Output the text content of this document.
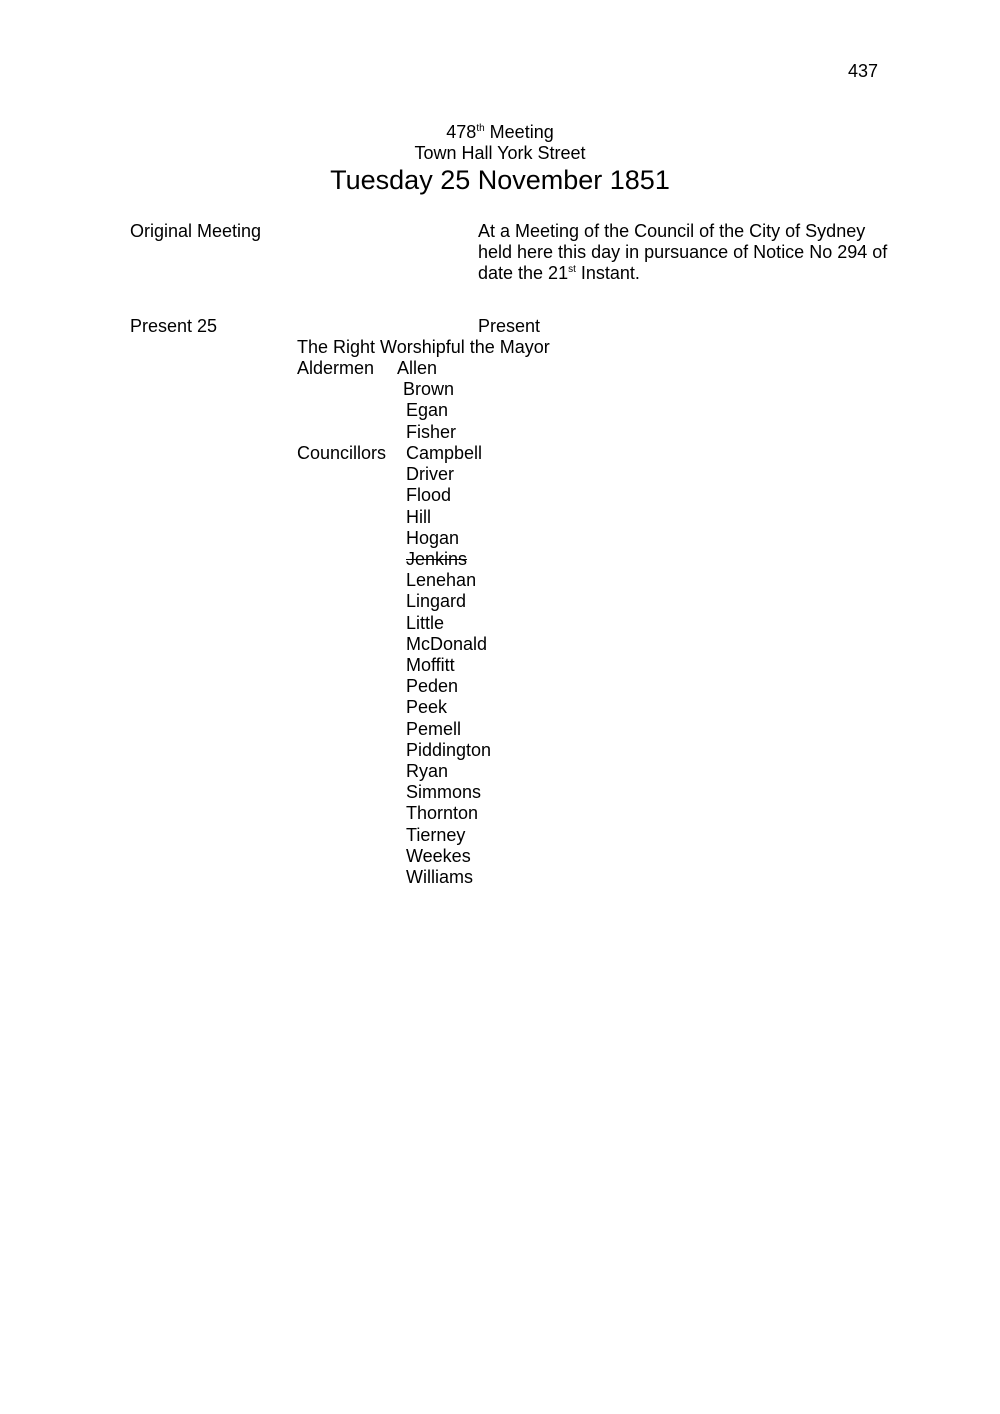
437
478th Meeting
Town Hall York Street
Tuesday 25 November 1851
Original Meeting	At a Meeting of the Council of the City of Sydney
held here this day in pursuance of Notice No 294 of
date the 21st Instant.
Present 25	Present
The Right Worshipful the Mayor
Aldermen Allen
Brown
Egan
Fisher
Councillors Campbell
Driver
Flood
Hill
Hogan
Jenkins
Lenehan
Lingard
Little
McDonald
Moffitt
Peden
Peek
Pemell
Piddington
Ryan
Simmons
Thornton
Tierney
Weekes
Williams
